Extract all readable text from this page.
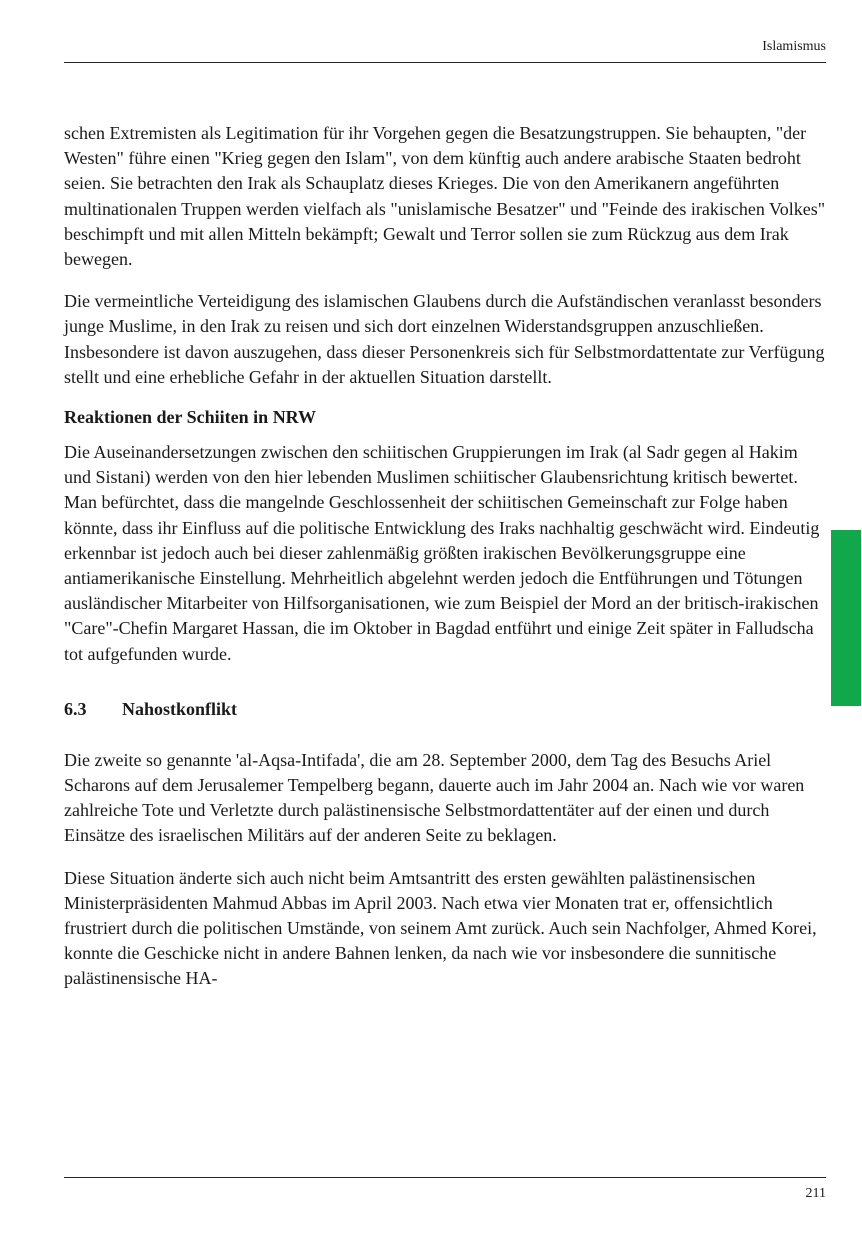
Islamismus

schen Extremisten als Legitimation für ihr Vorgehen gegen die Besatzungstruppen. Sie behaupten, "der Westen" führe einen "Krieg gegen den Islam", von dem künftig auch andere arabische Staaten bedroht seien. Sie betrachten den Irak als Schauplatz dieses Krieges. Die von den Amerikanern angeführten multinationalen Truppen werden vielfach als "unislamische Besatzer" und "Feinde des irakischen Volkes" beschimpft und mit allen Mitteln bekämpft; Gewalt und Terror sollen sie zum Rückzug aus dem Irak bewegen.

Die vermeintliche Verteidigung des islamischen Glaubens durch die Aufständischen veranlasst besonders junge Muslime, in den Irak zu reisen und sich dort einzelnen Widerstandsgruppen anzuschließen. Insbesondere ist davon auszugehen, dass dieser Personenkreis sich für Selbstmordattentate zur Verfügung stellt und eine erhebliche Gefahr in der aktuellen Situation darstellt.

Reaktionen der Schiiten in NRW

Die Auseinandersetzungen zwischen den schiitischen Gruppierungen im Irak (al Sadr gegen al Hakim und Sistani) werden von den hier lebenden Muslimen schiitischer Glaubensrichtung kritisch bewertet. Man befürchtet, dass die mangelnde Geschlossenheit der schiitischen Gemeinschaft zur Folge haben könnte, dass ihr Einfluss auf die politische Entwicklung des Iraks nachhaltig geschwächt wird. Eindeutig erkennbar ist jedoch auch bei dieser zahlenmäßig größten irakischen Bevölkerungsgruppe eine antiamerikanische Einstellung. Mehrheitlich abgelehnt werden jedoch die Entführungen und Tötungen ausländischer Mitarbeiter von Hilfsorganisationen, wie zum Beispiel der Mord an der britisch-irakischen "Care"-Chefin Margaret Hassan, die im Oktober in Bagdad entführt und einige Zeit später in Falludscha tot aufgefunden wurde.

6.3	Nahostkonflikt

Die zweite so genannte 'al-Aqsa-Intifada', die am 28. September 2000, dem Tag des Besuchs Ariel Scharons auf dem Jerusalemer Tempelberg begann, dauerte auch im Jahr 2004 an. Nach wie vor waren zahlreiche Tote und Verletzte durch palästinensische Selbstmordattentäter auf der einen und durch Einsätze des israelischen Militärs auf der anderen Seite zu beklagen.

Diese Situation änderte sich auch nicht beim Amtsantritt des ersten gewählten palästinensischen Ministerpräsidenten Mahmud Abbas im April 2003. Nach etwa vier Monaten trat er, offensichtlich frustriert durch die politischen Umstände, von seinem Amt zurück. Auch sein Nachfolger, Ahmed Korei, konnte die Geschicke nicht in andere Bahnen lenken, da nach wie vor insbesondere die sunnitische palästinensische HA-

211
